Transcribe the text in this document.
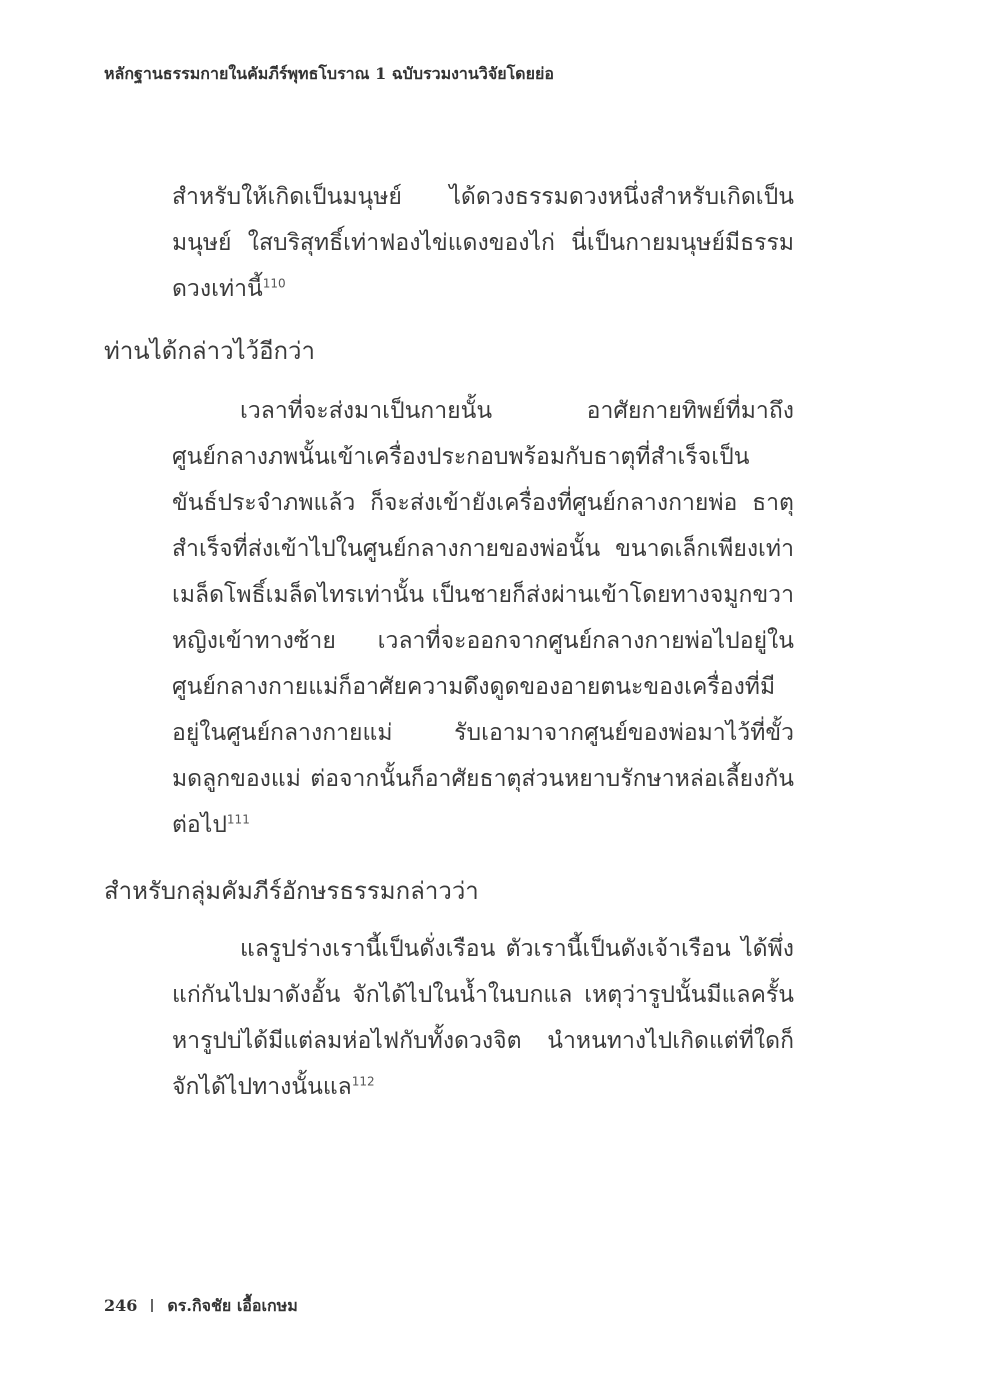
หลักฐานธรรมกายในคัมภีร์พุทธโบราณ 1 ฉบับรวมงานวิจัยโดยย่อ

สำหรับให้เกิดเป็นมนุษย์ ได้ดวงธรรมดวงหนึ่งสำหรับเกิดเป็นมนุษย์ ใสบริสุทธิ์เท่าฟองไข่แดงของไก่ นี่เป็นกายมนุษย์มีธรรมดวงเท่านี้$^{110}$

ท่านได้กล่าวไว้อีกว่า

เวลาที่จะส่งมาเป็นกายนั้น อาศัยกายทิพย์ที่มาถึงศูนย์กลางภพนั้นเข้าเครื่องประกอบพร้อมกับธาตุที่สำเร็จเป็นขันธ์ประจำภพแล้ว ก็จะส่งเข้ายังเครื่องที่ศูนย์กลางกายพ่อ ธาตุสำเร็จที่ส่งเข้าไปในศูนย์กลางกายของพ่อนั้น ขนาดเล็กเพียงเท่าเมล็ดโพธิ์เมล็ดไทรเท่านั้น เป็นชายก็ส่งผ่านเข้าโดยทางจมูกขวาหญิงเข้าทางซ้าย เวลาที่จะออกจากศูนย์กลางกายพ่อไปอยู่ในศูนย์กลางกายแม่ก็อาศัยความดึงดูดของอายตนะของเครื่องที่มีอยู่ในศูนย์กลางกายแม่ รับเอามาจากศูนย์ของพ่อมาไว้ที่ขั้วมดลูกของแม่ ต่อจากนั้นก็อาศัยธาตุส่วนหยาบรักษาหล่อเลี้ยงกันต่อไป$^{111}$

สำหรับกลุ่มคัมภีร์อักษรธรรมกล่าวว่า

แลรูปร่างเรานี้เป็นดั่งเรือน ตัวเรานี้เป็นดังเจ้าเรือน ได้พึ่งแก่กันไปมาดังอั้น จักได้ไปในน้ำในบกแล เหตุว่ารูปนั้นมีแลครั้นหารูปบ่ได้มีแต่ลมห่อไฟกับทั้งดวงจิต นำหนทางไปเกิดแต่ที่ใดก็จักได้ไปทางนั้นแล$^{112}$

246 ดร.กิจชัย เอื้อเกษม
